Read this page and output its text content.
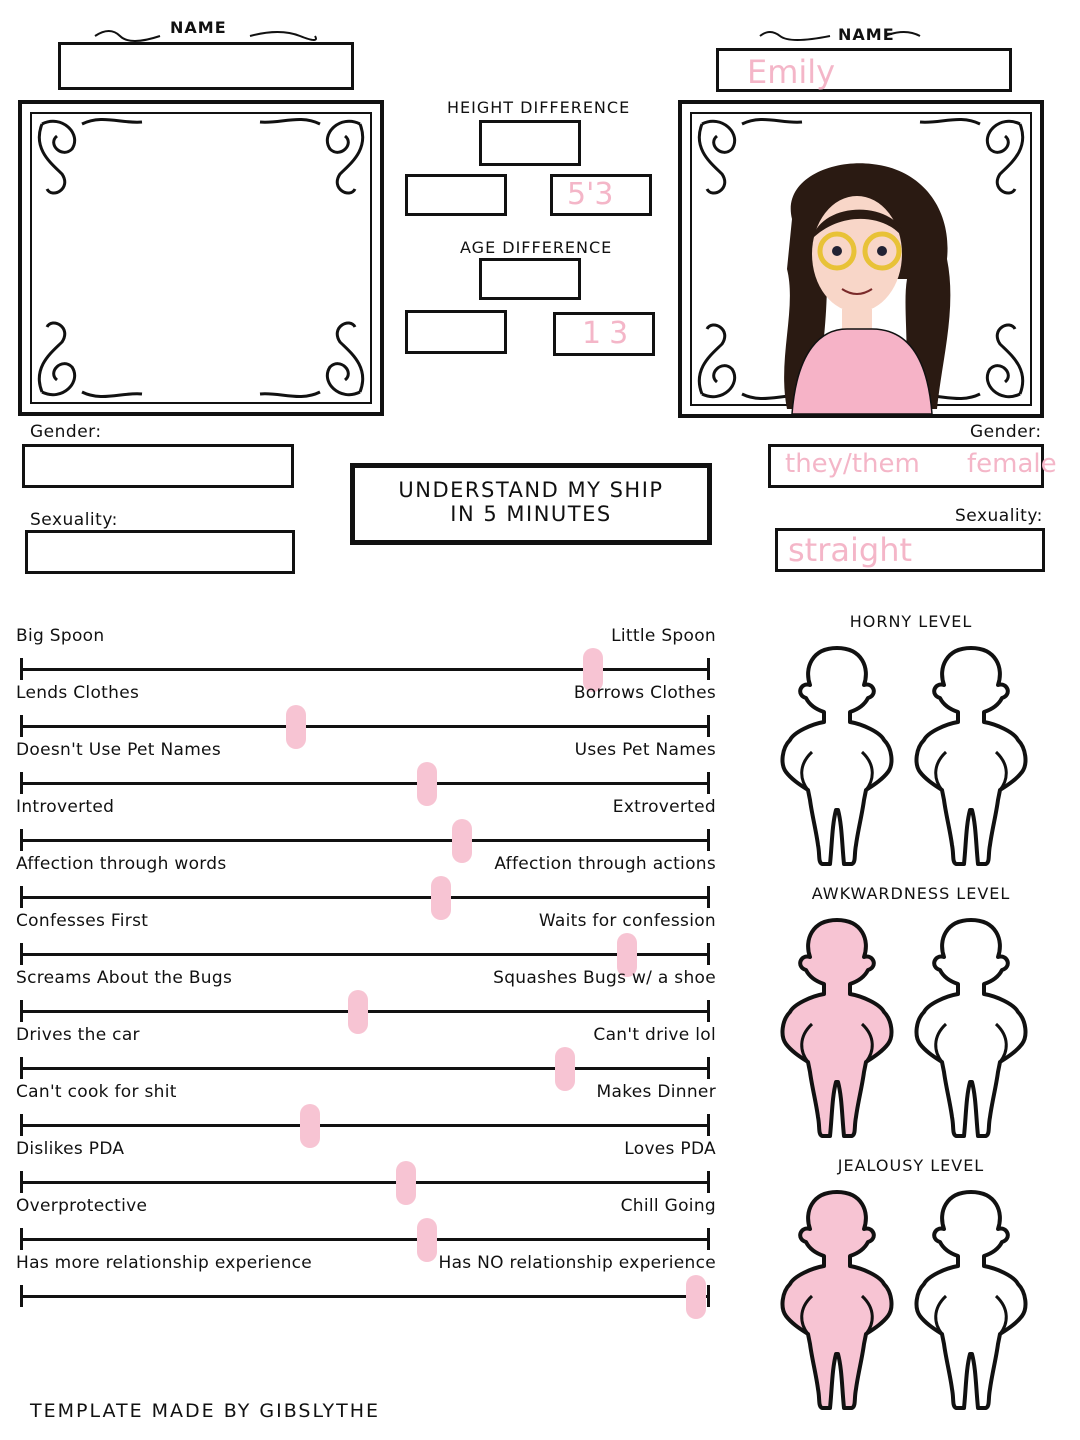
NAME	NAME
Emily
HEIGHT DIFFERENCE
5'3
AGE DIFFERENCE
13
Gender:
Sexuality:
UNDERSTAND MY SHIP
IN 5 MINUTES
Gender:
they/them female
Sexuality:
straight
Big Spoon	Little Spoon
Lends Clothes	Borrows Clothes
Doesn't Use Pet Names	Uses Pet Names
Introverted	Extroverted
Affection through words	Affection through actions
Confesses First	Waits for confession
Screams About the Bugs	Squashes Bugs w/ a shoe
Drives the car	Can't drive lol
Can't cook for shit	Makes Dinner
Dislikes PDA	Loves PDA
Overprotective	Chill Going
Has more relationship experience	Has NO relationship experience
HORNY LEVEL
AWKWARDNESS LEVEL
JEALOUSY LEVEL
TEMPLATE MADE BY GIBSLYTHE
